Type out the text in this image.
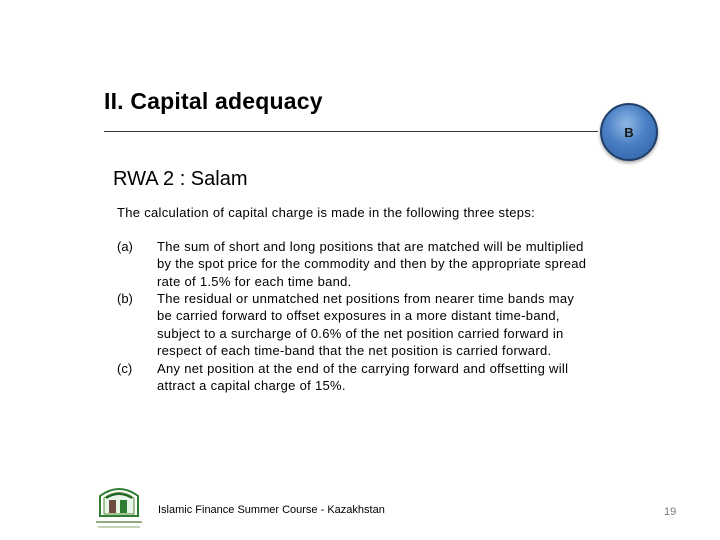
II. Capital adequacy
B
RWA 2 : Salam
The calculation of capital charge is made in the following three steps:
(a) The sum of short and long positions that are matched will be multiplied
by the spot price for the commodity and then by the appropriate spread
rate of 1.5% for each time band.
(b) The residual or unmatched net positions from nearer time bands may
be carried forward to offset exposures in a more distant time-band,
subject to a surcharge of 0.6% of the net position carried forward in
respect of each time-band that the net position is carried forward.
(c) Any net position at the end of the carrying forward and offsetting will
attract a capital charge of 15%.
Islamic Finance Summer Course - Kazakhstan	19
